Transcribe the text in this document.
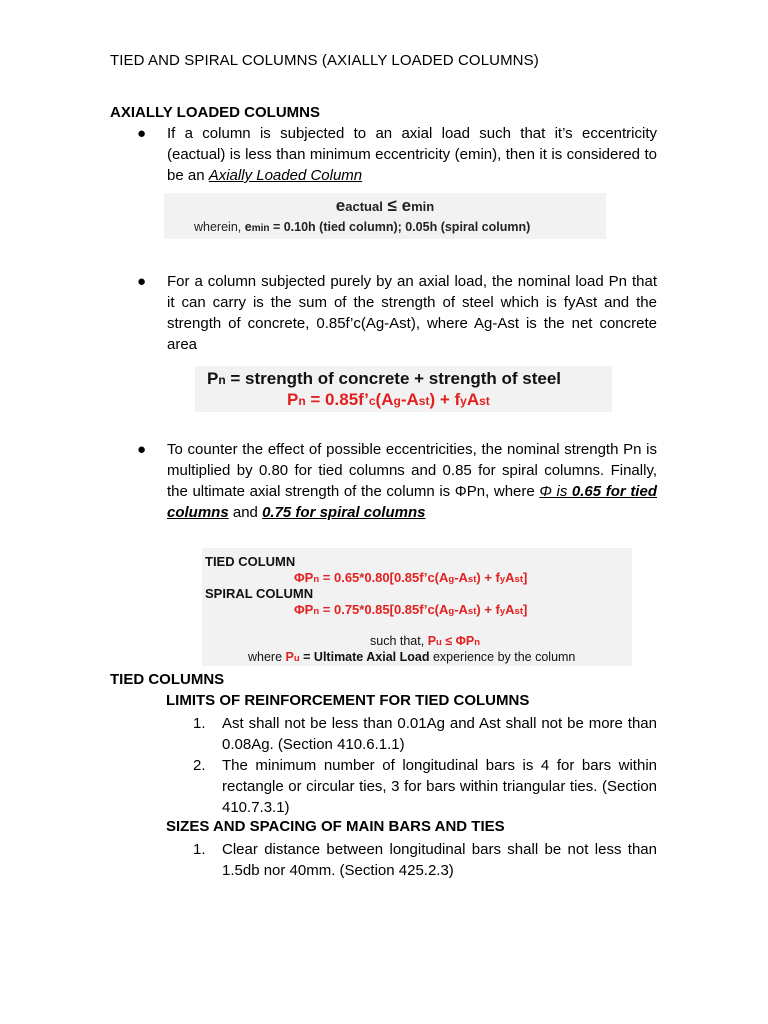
TIED AND SPIRAL COLUMNS (AXIALLY LOADED COLUMNS)
AXIALLY LOADED COLUMNS
● If a column is subjected to an axial load such that it’s eccentricity (eactual) is less than minimum eccentricity (emin), then it is considered to be an Axially Loaded Column
eactual ≤ emin
wherein, emin = 0.10h (tied column); 0.05h (spiral column)
● For a column subjected purely by an axial load, the nominal load Pn that it can carry is the sum of the strength of steel which is fyAst and the strength of concrete, 0.85f’c(Ag-Ast), where Ag-Ast is the net concrete area
Pn = strength of concrete + strength of steel
Pn = 0.85f’c(Ag-Ast) + fyAst
● To counter the effect of possible eccentricities, the nominal strength Pn is multiplied by 0.80 for tied columns and 0.85 for spiral columns. Finally, the ultimate axial strength of the column is ΦPn, where Φ is 0.65 for tied columns and 0.75 for spiral columns
TIED COLUMN
ΦPn = 0.65*0.80[0.85f’c(Ag-Ast) + fyAst]
SPIRAL COLUMN
ΦPn = 0.75*0.85[0.85f’c(Ag-Ast) + fyAst]
such that, Pu ≤ ΦPn
where Pu = Ultimate Axial Load experience by the column
TIED COLUMNS
LIMITS OF REINFORCEMENT FOR TIED COLUMNS
1. Ast shall not be less than 0.01Ag and Ast shall not be more than 0.08Ag. (Section 410.6.1.1)
2. The minimum number of longitudinal bars is 4 for bars within rectangle or circular ties, 3 for bars within triangular ties. (Section 410.7.3.1)
SIZES AND SPACING OF MAIN BARS AND TIES
1. Clear distance between longitudinal bars shall be not less than 1.5db nor 40mm. (Section 425.2.3)
